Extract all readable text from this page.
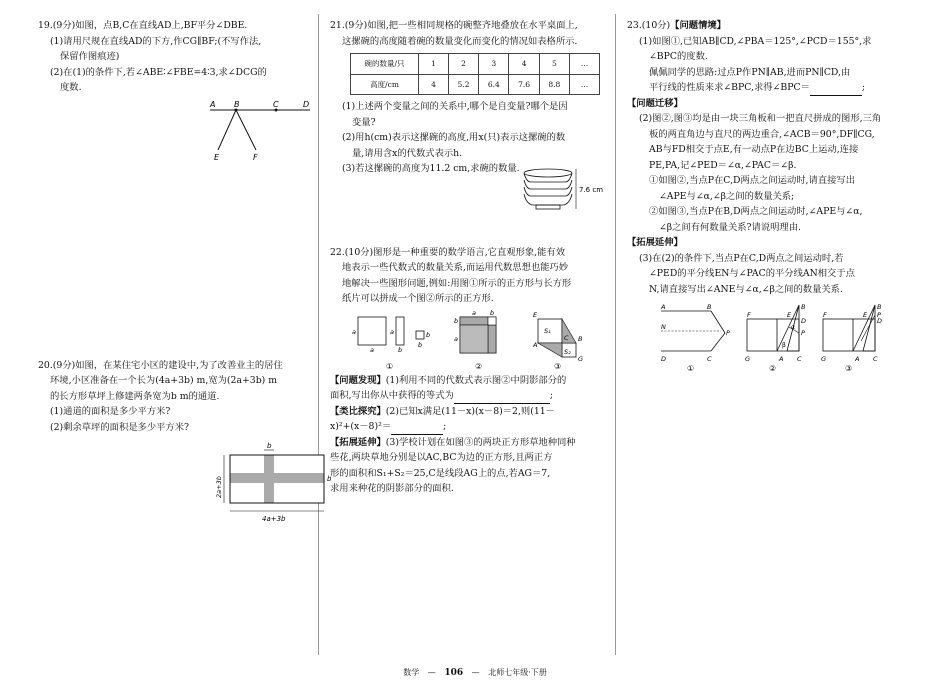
19.(9分)如图，点B,C在直线AD上,BF平分∠DBE.

(1)请用尺规在直线AD的下方,作CG∥BF;(不写作法,

保留作图痕迹)

(2)在(1)的条件下,若∠ABE∶∠FBE=4∶3,求∠DCG的

度数.

A B	C	D
E	F

20.(9分)如图，在某住宅小区的建设中,为了改善业主的居住

环境,小区准备在一个长为(4a+3b) m,宽为(2a+3b) m

的长方形草坪上修建两条宽为b m的通道.

(1)通道的面积是多少平方米?

(2)剩余草坪的面积是多少平方米?

b
b
4a+3b
2a+3b

21.(9分)如图,把一些相同规格的碗整齐地叠放在水平桌面上,

这摞碗的高度随着碗的数量变化而变化的情况如表格所示.

碗的数量/只	1	2	3	4	5	…
高度/cm	4	5.2	6.4	7.6	8.8	…

(1)上述两个变量之间的关系中,哪个是自变量?哪个是因

变量?

(2)用h(cm)表示这摞碗的高度,用x(只)表示这摞碗的数

量,请用含x的代数式表示h.

(3)若这摞碗的高度为11.2 cm,求碗的数量.

7.6 cm

22.(10分)图形是一种重要的数学语言,它直观形象,能有效

地表示一些代数式的数量关系,而运用代数思想也能巧妙

地解决一些图形问题,例如:用图①所示的正方形与长方形

纸片可以拼成一个图②所示的正方形.

a
a
a
b
b
b
①
a
b
a b
②
S₁
S₂
A
B
C
E
G
③

【问题发现】(1)利用不同的代数式表示图②中阴影部分的

面积,写出你从中获得的等式为	;

【类比探究】(2)已知x满足(11－x)(x－8)＝2,则(11－

x)²+(x－8)²＝	;

【拓展延伸】(3)学校计划在如图③的两块正方形草地种同种

些花,两块草地分别是以AC,BC为边的正方形,且两正方

形的面积和S₁+S₂＝25,C是线段AG上的点,若AG＝7,

求用来种花的阴影部分的面积.

23.(10分)【问题情境】

(1)如图①,已知AB∥CD,∠PBA＝125°,∠PCD＝155°,求

∠BPC的度数.

佩佩同学的思路:过点P作PN∥AB,进而PN∥CD,由

平行线的性质来求∠BPC,求得∠BPC＝	;

【问题迁移】

(2)图②,图③均是由一块三角板和一把直尺拼成的图形,三角

板的两直角边与直尺的两边重合,∠ACB＝90°,DF∥CG,

AB与FD相交于点E,有一动点P在边BC上运动,连接

PE,PA,记∠PED＝∠α,∠PAC＝∠β.

①如图②,当点P在C,D两点之间运动时,请直接写出

∠APE与∠α,∠β之间的数量关系;

②如图③,当点P在B,D两点之间运动时,∠APE与∠α,

∠β之间有何数量关系?请说明理由.

【拓展延伸】

(3)在(2)的条件下,当点P在C,D两点之间运动时,若

∠PED的平分线EN与∠PAC的平分线AN相交于点

N,请直接写出∠ANE与∠α,∠β之间的数量关系.

A	B
N
P
D	C
①
F
B
E
D
P
α
β
G	A C
②
F
B
P
E
D
G	A C
③
数学 — 106 — 北师七年级·下册
